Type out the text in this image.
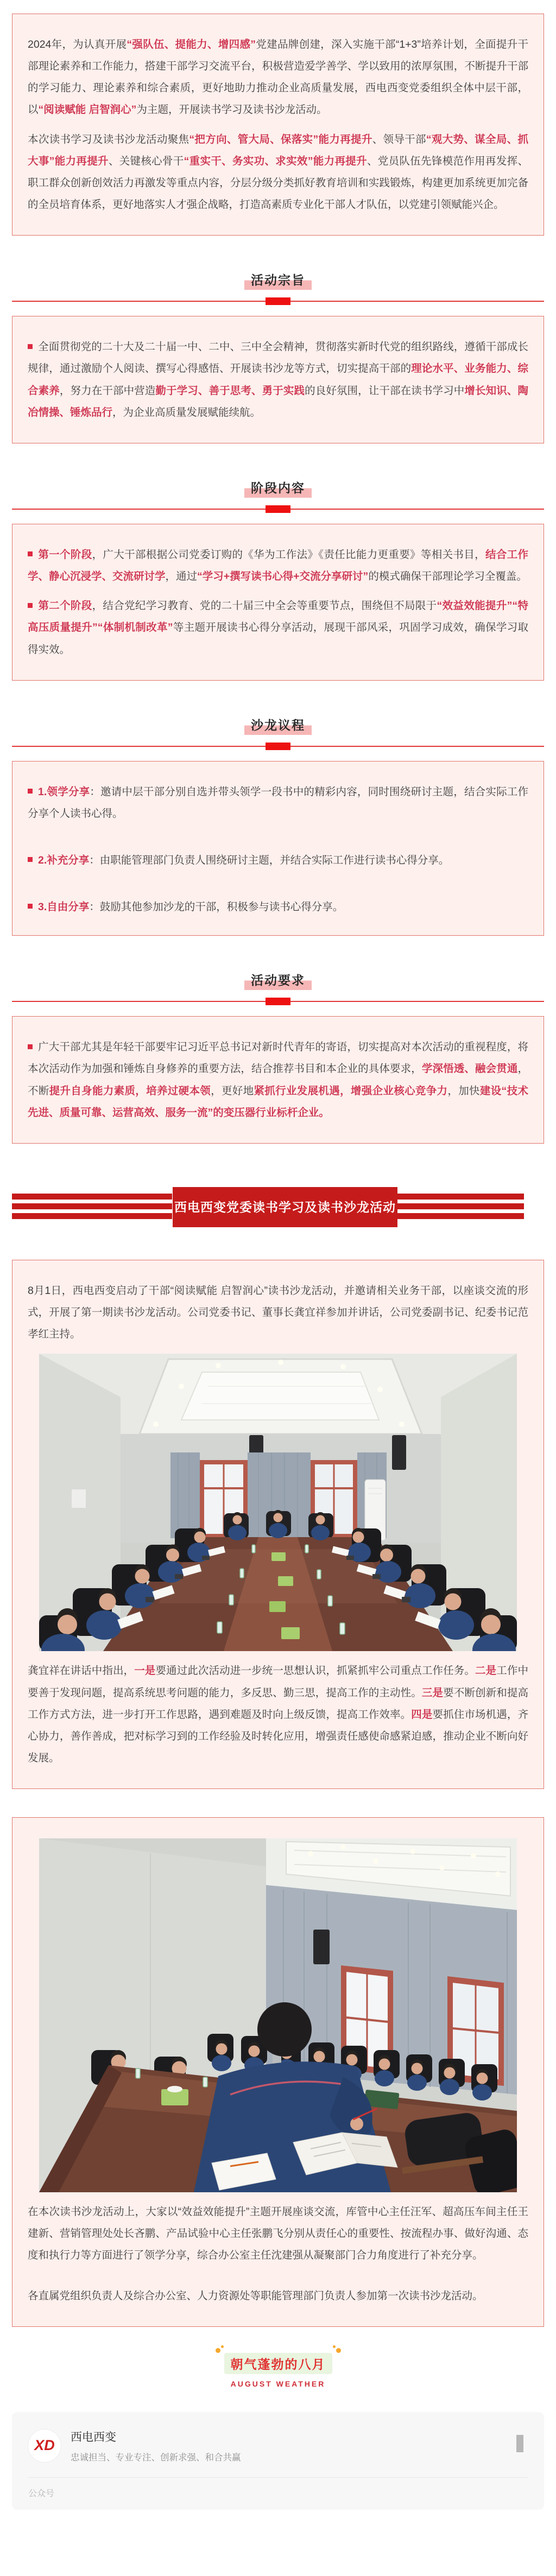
2024年，为认真开展“强队伍、提能力、增四感”党建品牌创建，深入实施干部“1+3”培养计划，全面提升干部理论素养和工作能力，搭建干部学习交流平台，积极营造爱学善学、学以致用的浓厚氛围，不断提升干部的学习能力、理论素养和综合素质，更好地助力推动企业高质量发展，西电西变党委组织全体中层干部，以“阅读赋能 启智润心”为主题，开展读书学习及读书沙龙活动。

本次读书学习及读书沙龙活动聚焦“把方向、管大局、保落实”能力再提升、领导干部“观大势、谋全局、抓大事”能力再提升、关键核心骨干“重实干、务实功、求实效”能力再提升、党员队伍先锋模范作用再发挥、职工群众创新创效活力再激发等重点内容，分层分级分类抓好教育培训和实践锻炼，构建更加系统更加完备的全员培育体系，更好地落实人才强企战略，打造高素质专业化干部人才队伍，以党建引领赋能兴企。

活动宗旨

全面贯彻党的二十大及二十届一中、二中、三中全会精神，贯彻落实新时代党的组织路线，遵循干部成长规律，通过激励个人阅读、撰写心得感悟、开展读书沙龙等方式，切实提高干部的理论水平、业务能力、综合素养，努力在干部中营造勤于学习、善于思考、勇于实践的良好氛围，让干部在读书学习中增长知识、陶冶情操、锤炼品行，为企业高质量发展赋能续航。

阶段内容

第一个阶段，广大干部根据公司党委订购的《华为工作法》《责任比能力更重要》等相关书目，结合工作学、静心沉浸学、交流研讨学，通过“学习+撰写读书心得+交流分享研讨”的模式确保干部理论学习全覆盖。

第二个阶段，结合党纪学习教育、党的二十届三中全会等重要节点，围绕但不局限于“效益效能提升”“特高压质量提升”“体制机制改革”等主题开展读书心得分享活动，展现干部风采，巩固学习成效，确保学习取得实效。

沙龙议程

1.领学分享：邀请中层干部分别自选并带头领学一段书中的精彩内容，同时围绕研讨主题，结合实际工作分享个人读书心得。

2.补充分享：由职能管理部门负责人围绕研讨主题，并结合实际工作进行读书心得分享。

3.自由分享：鼓励其他参加沙龙的干部，积极参与读书心得分享。

活动要求

广大干部尤其是年轻干部要牢记习近平总书记对新时代青年的寄语，切实提高对本次活动的重视程度，将本次活动作为加强和锤炼自身修养的重要方法，结合推荐书目和本企业的具体要求，学深悟透、融会贯通，不断提升自身能力素质，培养过硬本领，更好地紧抓行业发展机遇，增强企业核心竞争力，加快建设“技术先进、质量可靠、运营高效、服务一流”的变压器行业标杆企业。

西电西变党委读书学习及读书沙龙活动

8月1日，西电西变启动了干部“阅读赋能 启智润心”读书沙龙活动，并邀请相关业务干部，以座谈交流的形式，开展了第一期读书沙龙活动。公司党委书记、董事长龚宜祥参加并讲话，公司党委副书记、纪委书记范孝红主持。

龚宜祥在讲话中指出，一是要通过此次活动进一步统一思想认识，抓紧抓牢公司重点工作任务。二是工作中要善于发现问题，提高系统思考问题的能力，多反思、勤三思，提高工作的主动性。三是要不断创新和提高工作方式方法，进一步打开工作思路，遇到难题及时向上级反馈，提高工作效率。四是要抓住市场机遇，齐心协力，善作善成，把对标学习到的工作经验及时转化应用，增强责任感使命感紧迫感，推动企业不断向好发展。

在本次读书沙龙活动上，大家以“效益效能提升”主题开展座谈交流，库管中心主任汪军、超高压车间主任王建新、营销管理处处长吝鹏、产品试验中心主任张鹏飞分别从责任心的重要性、按流程办事、做好沟通、态度和执行力等方面进行了领学分享，综合办公室主任沈建强从凝聚部门合力角度进行了补充分享。

各直属党组织负责人及综合办公室、人力资源处等职能管理部门负责人参加第一次读书沙龙活动。

朝气蓬勃的八月
AUGUST WEATHER
XD	西电西变
忠诚担当、专业专注、创新求强、和合共赢
公众号
